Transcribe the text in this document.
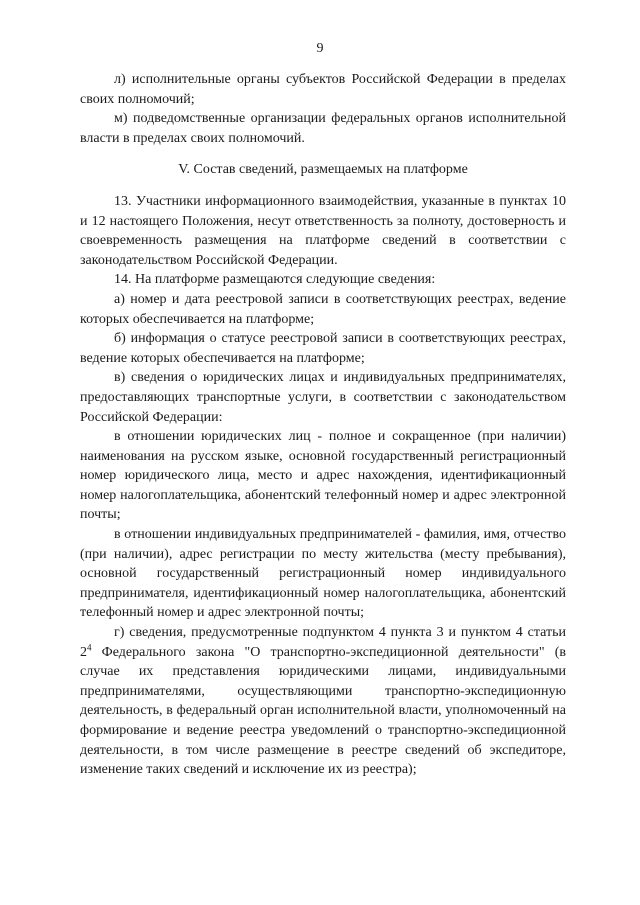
9

л) исполнительные органы субъектов Российской Федерации в пределах своих полномочий;

м) подведомственные организации федеральных органов исполнительной власти в пределах своих полномочий.

V. Состав сведений, размещаемых на платформе

13. Участники информационного взаимодействия, указанные в пунктах 10 и 12 настоящего Положения, несут ответственность за полноту, достоверность и своевременность размещения на платформе сведений в соответствии с законодательством Российской Федерации.

14. На платформе размещаются следующие сведения:

а) номер и дата реестровой записи в соответствующих реестрах, ведение которых обеспечивается на платформе;

б) информация о статусе реестровой записи в соответствующих реестрах, ведение которых обеспечивается на платформе;

в) сведения о юридических лицах и индивидуальных предпринимателях, предоставляющих транспортные услуги, в соответствии с законодательством Российской Федерации:

в отношении юридических лиц - полное и сокращенное (при наличии) наименования на русском языке, основной государственный регистрационный номер юридического лица, место и адрес нахождения, идентификационный номер налогоплательщика, абонентский телефонный номер и адрес электронной почты;

в отношении индивидуальных предпринимателей - фамилия, имя, отчество (при наличии), адрес регистрации по месту жительства (месту пребывания), основной государственный регистрационный номер индивидуального предпринимателя, идентификационный номер налогоплательщика, абонентский телефонный номер и адрес электронной почты;

г) сведения, предусмотренные подпунктом 4 пункта 3 и пунктом 4 статьи $2^4$ Федерального закона "О транспортно-экспедиционной деятельности" (в случае их представления юридическими лицами, индивидуальными предпринимателями, осуществляющими транспортно-экспедиционную деятельность, в федеральный орган исполнительной власти, уполномоченный на формирование и ведение реестра уведомлений о транспортно-экспедиционной деятельности, в том числе размещение в реестре сведений об экспедиторе, изменение таких сведений и исключение их из реестра);
